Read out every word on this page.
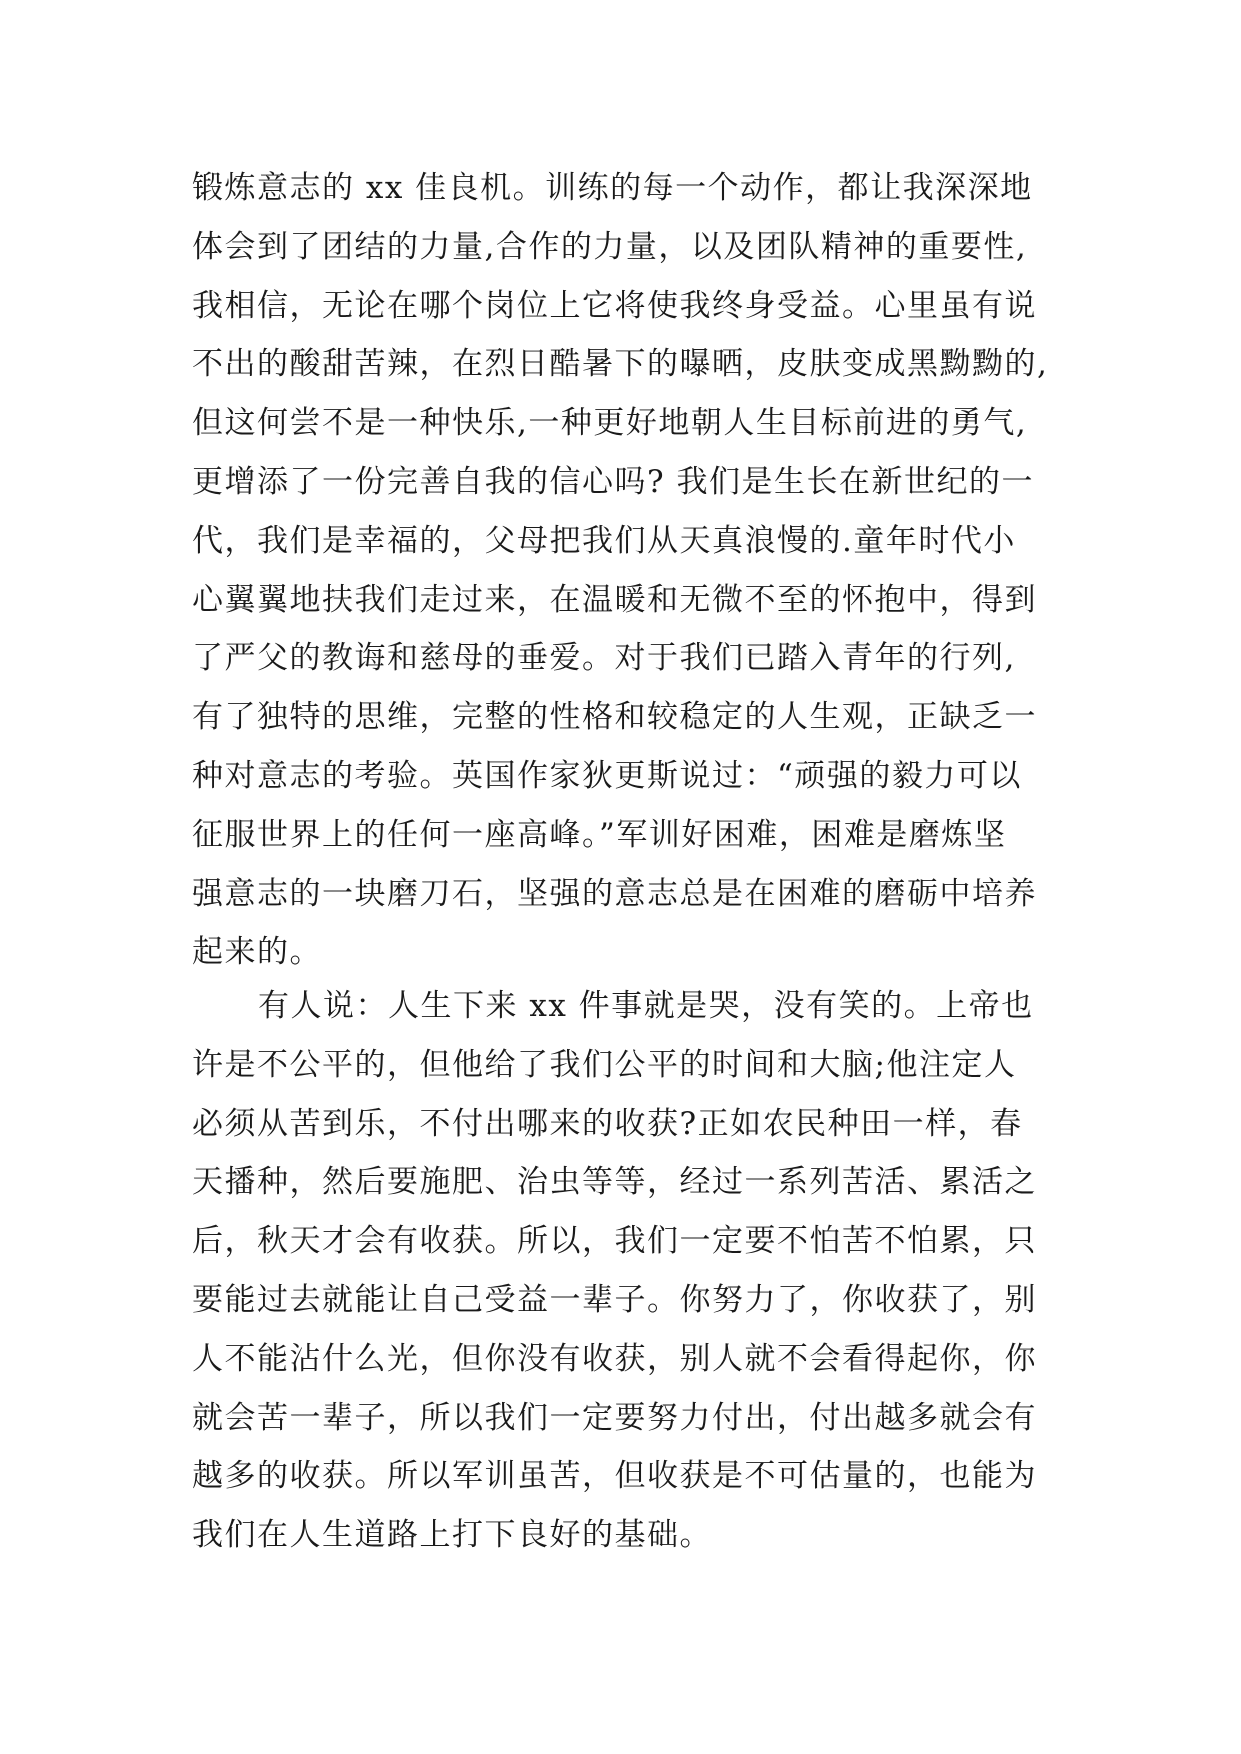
锻炼意志的 xx 佳良机。训练的每一个动作，都让我深深地
体会到了团结的力量,合作的力量，以及团队精神的重要性,
我相信，无论在哪个岗位上它将使我终身受益。心里虽有说
不出的酸甜苦辣，在烈日酷暑下的曝晒，皮肤变成黑黝黝的,
但这何尝不是一种快乐,一种更好地朝人生目标前进的勇气,
更增添了一份完善自我的信心吗? 我们是生长在新世纪的一
代，我们是幸福的，父母把我们从天真浪慢的.童年时代小
心翼翼地扶我们走过来，在温暖和无微不至的怀抱中，得到
了严父的教诲和慈母的垂爱。对于我们已踏入青年的行列,
有了独特的思维，完整的性格和较稳定的人生观，正缺乏一
种对意志的考验。英国作家狄更斯说过：“顽强的毅力可以
征服世界上的任何一座高峰。”军训好困难，困难是磨炼坚
强意志的一块磨刀石，坚强的意志总是在困难的磨砺中培养
起来的。
有人说：人生下来 xx 件事就是哭，没有笑的。上帝也
许是不公平的，但他给了我们公平的时间和大脑;他注定人
必须从苦到乐，不付出哪来的收获?正如农民种田一样，春
天播种，然后要施肥、治虫等等，经过一系列苦活、累活之
后，秋天才会有收获。所以，我们一定要不怕苦不怕累，只
要能过去就能让自己受益一辈子。你努力了，你收获了，别
人不能沾什么光，但你没有收获，别人就不会看得起你，你
就会苦一辈子，所以我们一定要努力付出，付出越多就会有
越多的收获。所以军训虽苦，但收获是不可估量的，也能为
我们在人生道路上打下良好的基础。
